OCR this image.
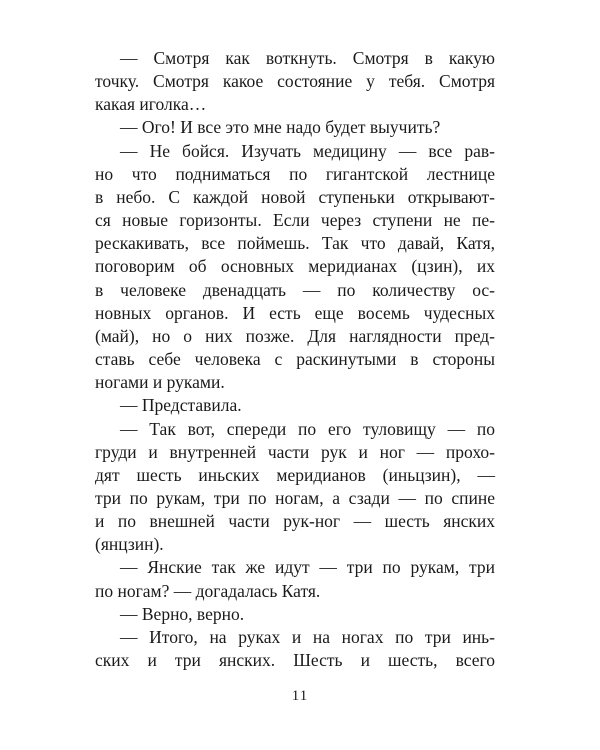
— Смотря как воткнуть. Смотря в какую
точку. Смотря какое состояние у тебя. Смотря
какая иголка…
— Ого! И все это мне надо будет выучить?
— Не бойся. Изучать медицину — все рав-
но что подниматься по гигантской лестнице
в небо. С каждой новой ступеньки открывают-
ся новые горизонты. Если через ступени не пе-
рескакивать, все поймешь. Так что давай, Катя,
поговорим об основных меридианах (цзин), их
в человеке двенадцать — по количеству ос-
новных органов. И есть еще восемь чудесных
(май), но о них позже. Для наглядности пред-
ставь себе человека с раскинутыми в стороны
ногами и руками.
— Представила.
— Так вот, спереди по его туловищу — по
груди и внутренней части рук и ног — прохо-
дят шесть иньских меридианов (иньцзин), —
три по рукам, три по ногам, а сзади — по спине
и по внешней части рук-ног — шесть янских
(янцзин).
— Янские так же идут — три по рукам, три
по ногам? — догадалась Катя.
— Верно, верно.
— Итого, на руках и на ногах по три инь-
ских и три янских. Шесть и шесть, всего
11
